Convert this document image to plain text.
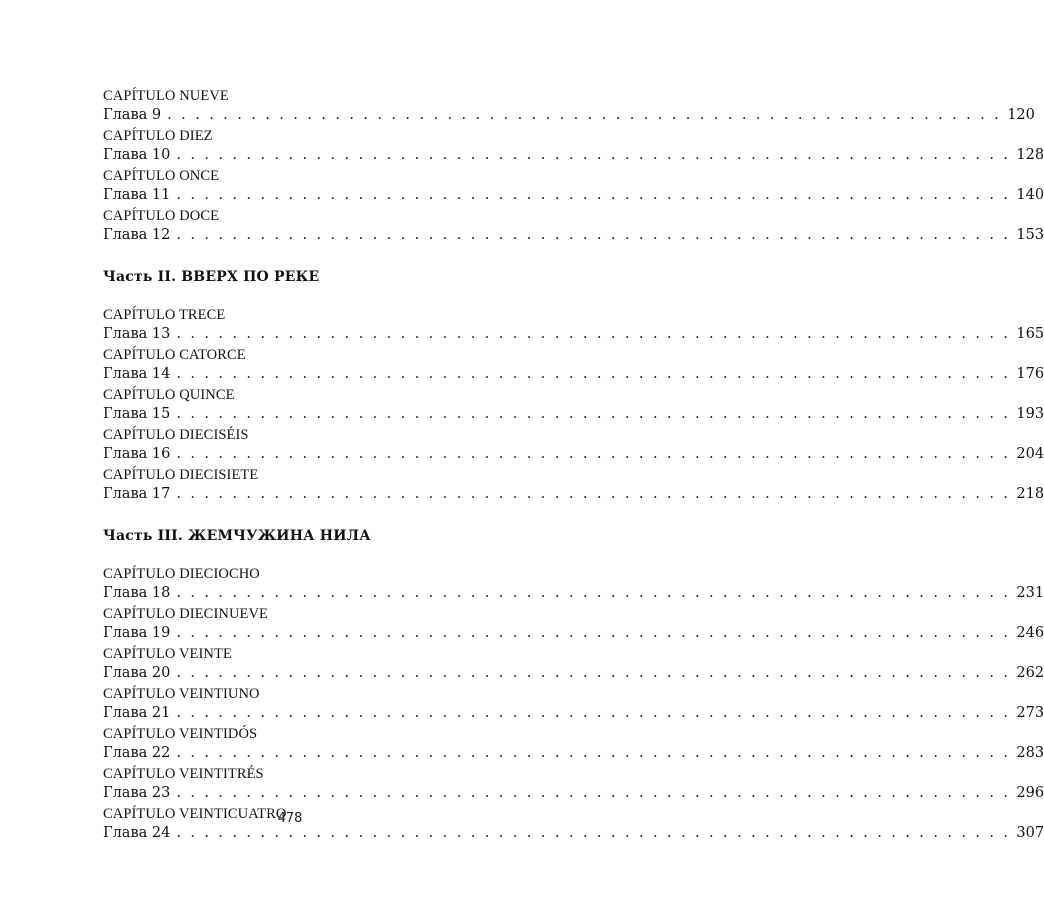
CAPÍTULO NUEVE
Глава 9 . . . . . . . . . . . . . . . . . . . . . . . . . . . . . . . . . . . . . . . . . . . . . . . . . . . . . . . . . . . . 120
CAPÍTULO DIEZ
Глава 10 . . . . . . . . . . . . . . . . . . . . . . . . . . . . . . . . . . . . . . . . . . . . . . . . . . . . . . . . . . . . 128
CAPÍTULO ONCE
Глава 11 . . . . . . . . . . . . . . . . . . . . . . . . . . . . . . . . . . . . . . . . . . . . . . . . . . . . . . . . . . . . 140
CAPÍTULO DOCE
Глава 12 . . . . . . . . . . . . . . . . . . . . . . . . . . . . . . . . . . . . . . . . . . . . . . . . . . . . . . . . . . . . 153
Часть II. ВВЕРХ ПО РЕКЕ
CAPÍTULO TRECE
Глава 13 . . . . . . . . . . . . . . . . . . . . . . . . . . . . . . . . . . . . . . . . . . . . . . . . . . . . . . . . . . . . 165
CAPÍTULO CATORCE
Глава 14 . . . . . . . . . . . . . . . . . . . . . . . . . . . . . . . . . . . . . . . . . . . . . . . . . . . . . . . . . . . . 176
CAPÍTULO QUINCE
Глава 15 . . . . . . . . . . . . . . . . . . . . . . . . . . . . . . . . . . . . . . . . . . . . . . . . . . . . . . . . . . . . 193
CAPÍTULO DIECISÉIS
Глава 16 . . . . . . . . . . . . . . . . . . . . . . . . . . . . . . . . . . . . . . . . . . . . . . . . . . . . . . . . . . . . 204
CAPÍTULO DIECISIETE
Глава 17 . . . . . . . . . . . . . . . . . . . . . . . . . . . . . . . . . . . . . . . . . . . . . . . . . . . . . . . . . . . . 218
Часть III. ЖЕМЧУЖИНА НИЛА
CAPÍTULO DIECIOCHO
Глава 18 . . . . . . . . . . . . . . . . . . . . . . . . . . . . . . . . . . . . . . . . . . . . . . . . . . . . . . . . . . . . 231
CAPÍTULO DIECINUEVE
Глава 19 . . . . . . . . . . . . . . . . . . . . . . . . . . . . . . . . . . . . . . . . . . . . . . . . . . . . . . . . . . . . 246
CAPÍTULO VEINTE
Глава 20 . . . . . . . . . . . . . . . . . . . . . . . . . . . . . . . . . . . . . . . . . . . . . . . . . . . . . . . . . . . . 262
CAPÍTULO VEINTIUNO
Глава 21 . . . . . . . . . . . . . . . . . . . . . . . . . . . . . . . . . . . . . . . . . . . . . . . . . . . . . . . . . . . . 273
CAPÍTULO VEINTIDÓS
Глава 22 . . . . . . . . . . . . . . . . . . . . . . . . . . . . . . . . . . . . . . . . . . . . . . . . . . . . . . . . . . . . 283
CAPÍTULO VEINTITRÉS
Глава 23 . . . . . . . . . . . . . . . . . . . . . . . . . . . . . . . . . . . . . . . . . . . . . . . . . . . . . . . . . . . . 296
CAPÍTULO VEINTICUATRO
Глава 24 . . . . . . . . . . . . . . . . . . . . . . . . . . . . . . . . . . . . . . . . . . . . . . . . . . . . . . . . . . . . 307
478
